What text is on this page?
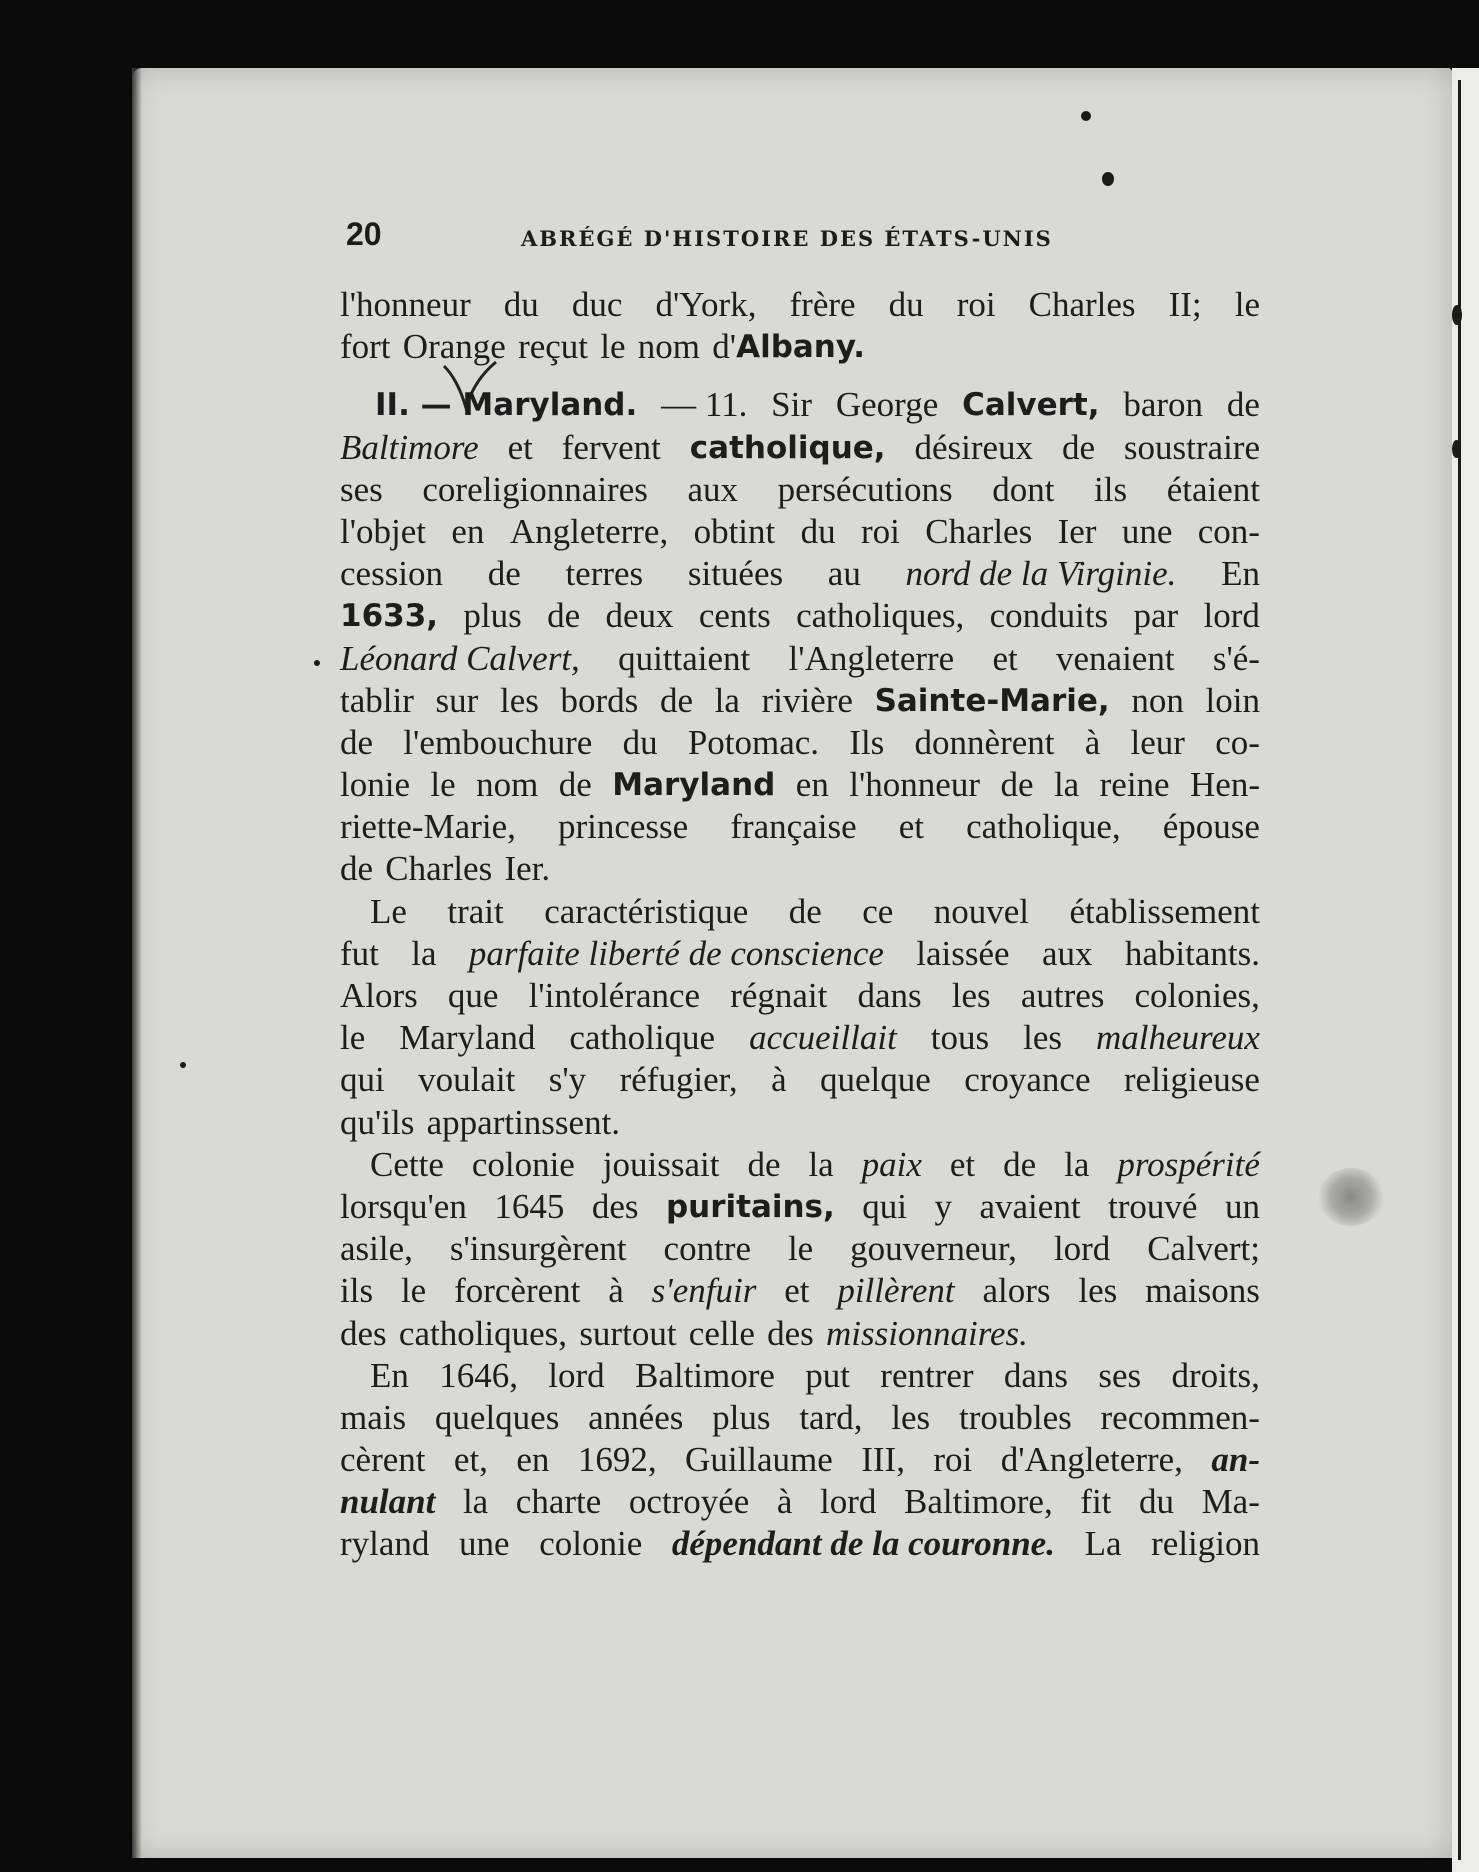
20	ABRÉGÉ D'HISTOIRE DES ÉTATS-UNIS
l'honneur du duc d'York, frère du roi Charles II; le
fort Orange reçut le nom d' Albany.
II. — Maryland. — 11. Sir George Calvert, baron de
Baltimore et fervent catholique, désireux de soustraire
ses coreligionnaires aux persécutions dont ils étaient
l'objet en Angleterre, obtint du roi Charles Ier une con-
cession de terres situées au nord de la Virginie. En
1633, plus de deux cents catholiques, conduits par lord
Léonard Calvert, quittaient l'Angleterre et venaient s'é-
tablir sur les bords de la rivière Sainte-Marie, non loin
de l'embouchure du Potomac. Ils donnèrent à leur co-
lonie le nom de Maryland en l'honneur de la reine Hen-
riette-Marie, princesse française et catholique, épouse
de Charles Ier.
Le trait caractéristique de ce nouvel établissement
fut la parfaite liberté de conscience laissée aux habitants.
Alors que l'intolérance régnait dans les autres colonies,
le Maryland catholique accueillait tous les malheureux
qui voulait s'y réfugier, à quelque croyance religieuse
qu'ils appartinssent.
Cette colonie jouissait de la paix et de la prospérité
lorsqu'en 1645 des puritains, qui y avaient trouvé un
asile, s'insurgèrent contre le gouverneur, lord Calvert;
ils le forcèrent à s'enfuir et pillèrent alors les maisons
des catholiques, surtout celle des missionnaires.
En 1646, lord Baltimore put rentrer dans ses droits,
mais quelques années plus tard, les troubles recommen-
cèrent et, en 1692, Guillaume III, roi d'Angleterre, an-
nulant la charte octroyée à lord Baltimore, fit du Ma-
ryland une colonie dépendant de la couronne. La religion
